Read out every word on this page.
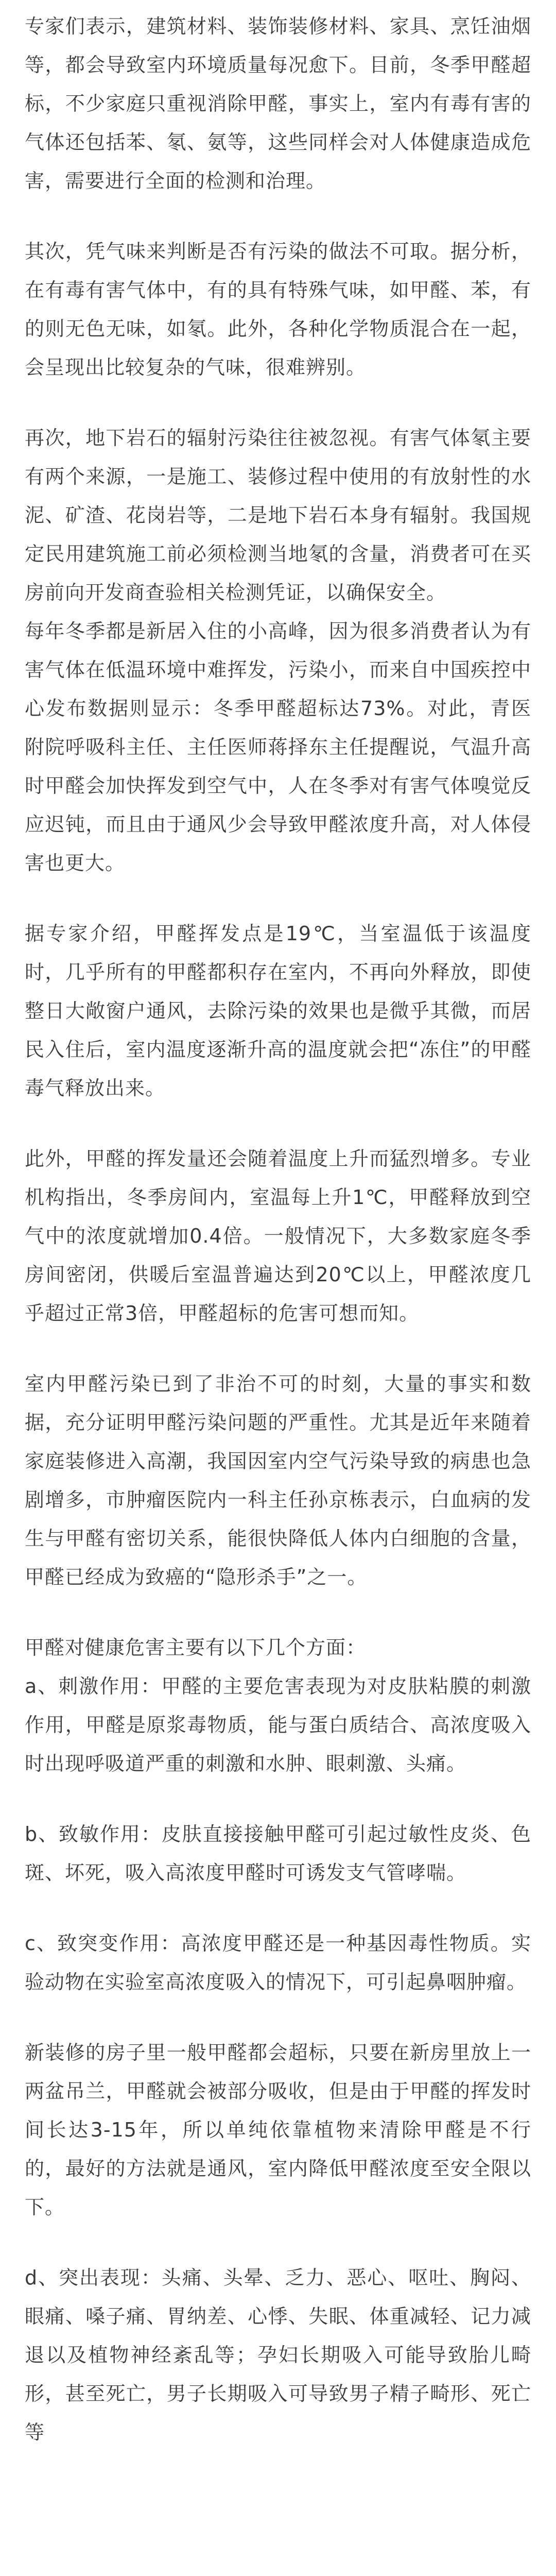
专家们表示，建筑材料、装饰装修材料、家具、烹饪油烟等，都会导致室内环境质量每况愈下。目前，冬季甲醛超标，不少家庭只重视消除甲醛，事实上，室内有毒有害的气体还包括苯、氡、氨等，这些同样会对人体健康造成危害，需要进行全面的检测和治理。

其次，凭气味来判断是否有污染的做法不可取。据分析，在有毒有害气体中，有的具有特殊气味，如甲醛、苯，有的则无色无味，如氡。此外，各种化学物质混合在一起，会呈现出比较复杂的气味，很难辨别。

再次，地下岩石的辐射污染往往被忽视。有害气体氡主要有两个来源，一是施工、装修过程中使用的有放射性的水泥、矿渣、花岗岩等，二是地下岩石本身有辐射。我国规定民用建筑施工前必须检测当地氡的含量，消费者可在买房前向开发商查验相关检测凭证，以确保安全。

每年冬季都是新居入住的小高峰，因为很多消费者认为有害气体在低温环境中难挥发，污染小，而来自中国疾控中心发布数据则显示：冬季甲醛超标达73%。对此，青医附院呼吸科主任、主任医师蒋择东主任提醒说，气温升高时甲醛会加快挥发到空气中，人在冬季对有害气体嗅觉反应迟钝，而且由于通风少会导致甲醛浓度升高，对人体侵害也更大。

据专家介绍，甲醛挥发点是19℃，当室温低于该温度时，几乎所有的甲醛都积存在室内，不再向外释放，即使整日大敞窗户通风，去除污染的效果也是微乎其微，而居民入住后，室内温度逐渐升高的温度就会把“冻住”的甲醛毒气释放出来。

此外，甲醛的挥发量还会随着温度上升而猛烈增多。专业机构指出，冬季房间内，室温每上升1℃，甲醛释放到空气中的浓度就增加0.4倍。一般情况下，大多数家庭冬季房间密闭，供暖后室温普遍达到20℃以上，甲醛浓度几乎超过正常3倍，甲醛超标的危害可想而知。

室内甲醛污染已到了非治不可的时刻，大量的事实和数据，充分证明甲醛污染问题的严重性。尤其是近年来随着家庭装修进入高潮，我国因室内空气污染导致的病患也急剧增多，市肿瘤医院内一科主任孙京栋表示，白血病的发生与甲醛有密切关系，能很快降低人体内白细胞的含量，甲醛已经成为致癌的“隐形杀手”之一。

甲醛对健康危害主要有以下几个方面：

a、刺激作用：甲醛的主要危害表现为对皮肤粘膜的刺激作用，甲醛是原浆毒物质，能与蛋白质结合、高浓度吸入时出现呼吸道严重的刺激和水肿、眼刺激、头痛。

b、致敏作用：皮肤直接接触甲醛可引起过敏性皮炎、色斑、坏死，吸入高浓度甲醛时可诱发支气管哮喘。

c、致突变作用：高浓度甲醛还是一种基因毒性物质。实验动物在实验室高浓度吸入的情况下，可引起鼻咽肿瘤。

新装修的房子里一般甲醛都会超标，只要在新房里放上一两盆吊兰，甲醛就会被部分吸收，但是由于甲醛的挥发时间长达3-15年，所以单纯依靠植物来清除甲醛是不行的，最好的方法就是通风，室内降低甲醛浓度至安全限以下。

d、突出表现：头痛、头晕、乏力、恶心、呕吐、胸闷、眼痛、嗓子痛、胃纳差、心悸、失眠、体重减轻、记力减退以及植物神经紊乱等；孕妇长期吸入可能导致胎儿畸形，甚至死亡，男子长期吸入可导致男子精子畸形、死亡等
